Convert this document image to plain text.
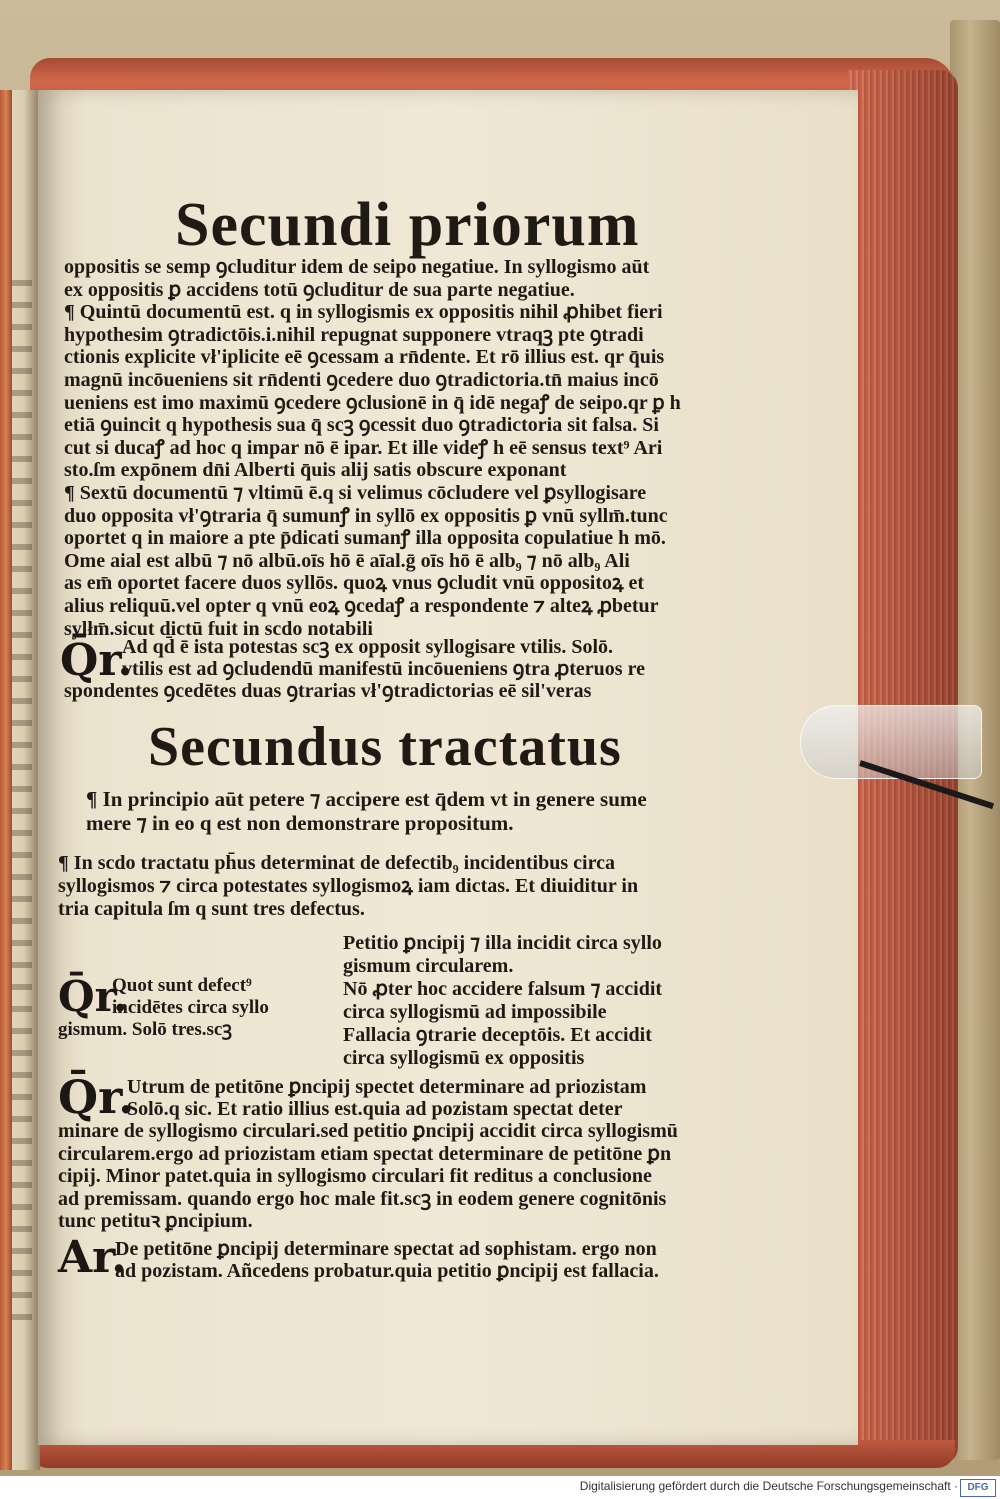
Secundi priorum
oppositis se semp ꝯcluditur idem de seipo negatiue. In syllogismo aūt
ex oppositis ꝑ accidens totū ꝯcluditur de sua parte negatiue.
¶ Quintū documentū est. q in syllogismis ex oppositis nihil ꝓhibet fieri
hypothesim ꝯtradictōis.i.nihil repugnat supponere vtraqꝫ pte ꝯtradi
ctionis explicite vł'iplicite eē ꝯcessam a rn̄dente. Et rō illius est. qr q̄uis
magnū incōueniens sit rn̄denti ꝯcedere duo ꝯtradictoria.tn̄ maius incō
ueniens est imo maximū ꝯcedere ꝯclusionē in q̄ idē negaꝭ de seipo.qr ꝑ h
etiā ꝯuincit q hypothesis sua q̄ scꝫ ꝯcessit duo ꝯtradictoria sit falsa. Si
cut si ducaꝭ ad hoc q impar nō ē ipar. Et ille videꝭ h eē sensus text⁹ Ari
sto.ſm expōnem dn̄i Alberti q̄uis alij satis obscure exponant
¶ Sextū documentū ⁊ vltimū ē.q si velimus cōcludere vel ꝑsyllogisare
duo opposita vł'ꝯtraria q̄ sumunꝭ in syllō ex oppositis ꝑ vnū syllm̄.tunc
oportet q in maiore a pte p̄dicati sumanꝭ illa opposita copulatiue h mō.
Ome aial est albū ⁊ nō albū.oīs hō ē aīal.ḡ oīs hō ē alb₉ ⁊ nō alb₉ Ali
as em̄ oportet facere duos syllōs. quoꝝ vnus ꝯcludit vnū oppositoꝝ et
alius reliquū.vel opter q vnū eoꝝ ꝯcedaꝭ a respondente ⁊ alteꝝ ꝓbetur
sylłm̄.sicut dictū fuit in scdo notabili
Q̄r.
Ad qd̄ ē ista potestas scꝫ ex opposit syllogisare vtilis. Solō.
vtilis est ad ꝯcludendū manifestū incōueniens ꝯtra ꝓteruos re
spondentes ꝯcedētes duas ꝯtrarias vł'ꝯtradictorias eē sil'veras
Secundus tractatus
¶ In principio aūt petere ⁊ accipere est q̄dem vt in genere sume
mere ⁊ in eo q est non demonstrare propositum.
¶ In scdo tractatu ph̄us determinat de defectib₉ incidentibus circa
syllogismos ⁊ circa potestates syllogismoꝝ iam dictas. Et diuiditur in
tria capitula ſm q sunt tres defectus.
Petitio ꝑncipij ⁊ illa incidit circa syllo
gismum circularem.
Nō ꝓter hoc accidere falsum ⁊ accidit
circa syllogismū ad impossibile
Fallacia ꝯtrarie deceptōis. Et accidit
circa syllogismū ex oppositis
Q̄r.
Quot sunt defect⁹
incidētes circa syllo
gismum. Solō tres.scꝫ
Q̄r.
Utrum de petitōne ꝑncipij spectet determinare ad priozistam
Solō.q sic. Et ratio illius est.quia ad pozistam spectat deter
minare de syllogismo circulari.sed petitio ꝑncipij accidit circa syllogismū
circularem.ergo ad priozistam etiam spectat determinare de petitōne ꝑn
cipij. Minor patet.quia in syllogismo circulari fit reditus a conclusione
ad premissam. quando ergo hoc male fit.scꝫ in eodem genere cognitōnis
tunc petituꝛ ꝑncipium.
Ar.
De petitōne ꝑncipij determinare spectat ad sophistam. ergo non
ad pozistam. Añcedens probatur.quia petitio ꝑncipij est fallacia.
Digitalisierung gefördert durch die Deutsche Forschungsgemeinschaft · DFG
